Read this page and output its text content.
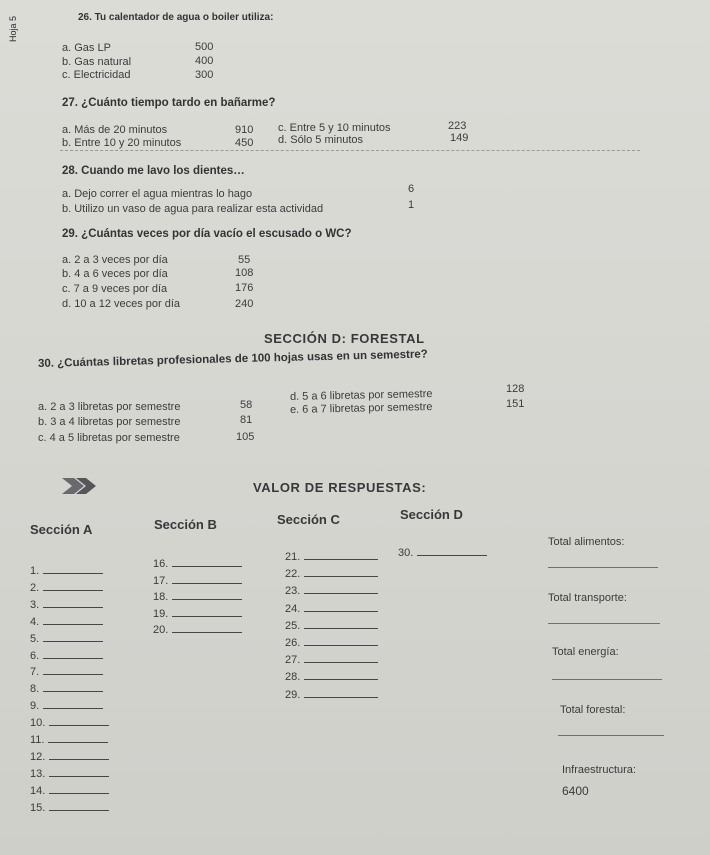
Hoja 5	26. Tu calentador de agua o boiler utiliza:
a. Gas LP	500
b. Gas natural	400
c. Electricidad	300
27. ¿Cuánto tiempo tardo en bañarme?
a. Más de 20 minutos	910
b. Entre 10 y 20 minutos	450
c. Entre 5 y 10 minutos	223
d. Sólo 5 minutos	149
28. Cuando me lavo los dientes…
a. Dejo correr el agua mientras lo hago	6
b. Utilizo un vaso de agua para realizar esta actividad	1
29. ¿Cuántas veces por día vacío el escusado o WC?
a. 2 a 3 veces por día	55
b. 4 a 6 veces por día	108
c. 7 a 9 veces por día	176
d. 10 a 12 veces por día	240
SECCIÓN D: FORESTAL
30. ¿Cuántas libretas profesionales de 100 hojas usas en un semestre?
a. 2 a 3 libretas por semestre	58
b. 3 a 4 libretas por semestre	81
c. 4 a 5 libretas por semestre	105
d. 5 a 6 libretas por semestre	128
e. 6 a 7 libretas por semestre	151
VALOR DE RESPUESTAS:
Sección A	Sección B	Sección C	Sección D
1.
2.
3.
4.
5.
6.
7.
8.
9.
10.
11.
12.
13.
14.
15.
16.
17.
18.
19.
20.
21.
22.
23.
24.
25.
26.
27.
28.
29.
30.
Total alimentos:
Total transporte:
Total energía:
Total forestal:
Infraestructura:
6400
